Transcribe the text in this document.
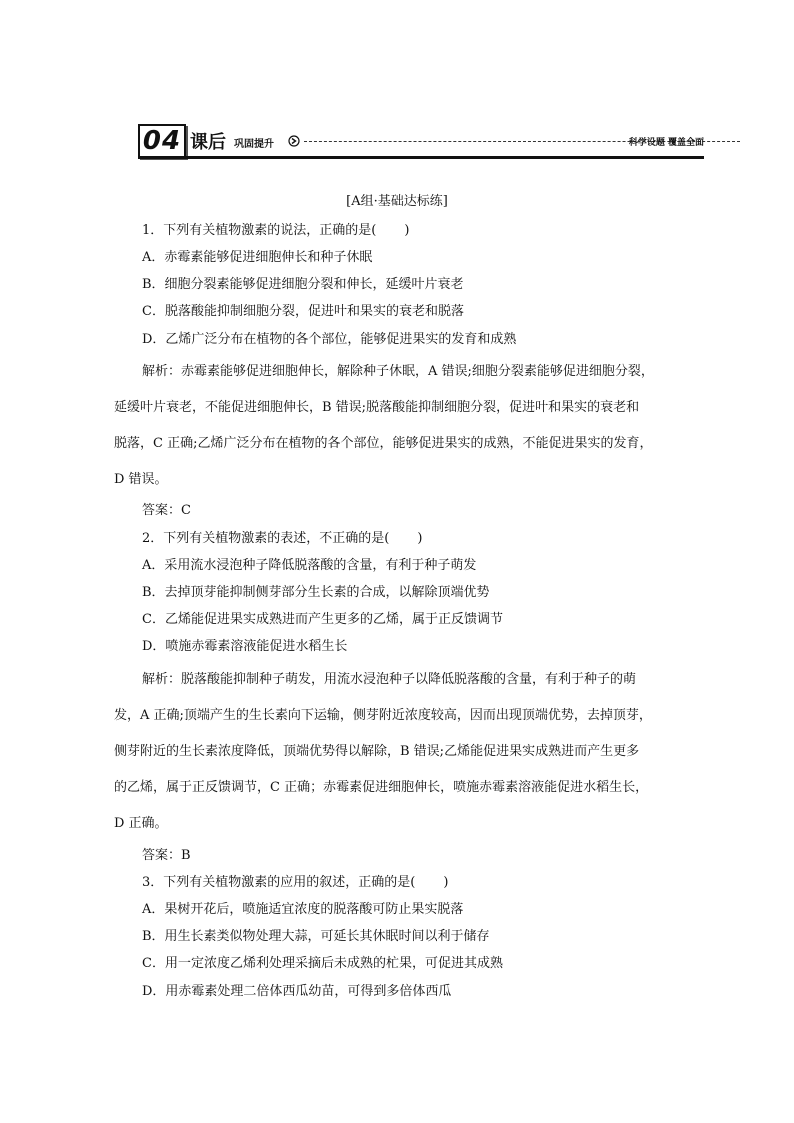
04 课后 巩固提升	科学设题 覆盖全面
[A组·基础达标练]
1．下列有关植物激素的说法，正确的是( )
A．赤霉素能够促进细胞伸长和种子休眠
B．细胞分裂素能够促进细胞分裂和伸长，延缓叶片衰老
C．脱落酸能抑制细胞分裂，促进叶和果实的衰老和脱落
D．乙烯广泛分布在植物的各个部位，能够促进果实的发育和成熟
解析：赤霉素能够促进细胞伸长，解除种子休眠，A 错误;细胞分裂素能够促进细胞分裂，
延缓叶片衰老，不能促进细胞伸长，B 错误;脱落酸能抑制细胞分裂，促进叶和果实的衰老和
脱落，C 正确;乙烯广泛分布在植物的各个部位，能够促进果实的成熟，不能促进果实的发育，
D 错误。
答案：C
2．下列有关植物激素的表述，不正确的是( )
A．采用流水浸泡种子降低脱落酸的含量，有利于种子萌发
B．去掉顶芽能抑制侧芽部分生长素的合成，以解除顶端优势
C．乙烯能促进果实成熟进而产生更多的乙烯，属于正反馈调节
D．喷施赤霉素溶液能促进水稻生长
解析：脱落酸能抑制种子萌发，用流水浸泡种子以降低脱落酸的含量，有利于种子的萌
发，A 正确;顶端产生的生长素向下运输，侧芽附近浓度较高，因而出现顶端优势，去掉顶芽，
侧芽附近的生长素浓度降低，顶端优势得以解除，B 错误;乙烯能促进果实成熟进而产生更多
的乙烯，属于正反馈调节，C 正确；赤霉素促进细胞伸长，喷施赤霉素溶液能促进水稻生长，
D 正确。
答案：B
3．下列有关植物激素的应用的叙述，正确的是( )
A．果树开花后，喷施适宜浓度的脱落酸可防止果实脱落
B．用生长素类似物处理大蒜，可延长其休眠时间以利于储存
C．用一定浓度乙烯利处理采摘后未成熟的杧果，可促进其成熟
D．用赤霉素处理二倍体西瓜幼苗，可得到多倍体西瓜
